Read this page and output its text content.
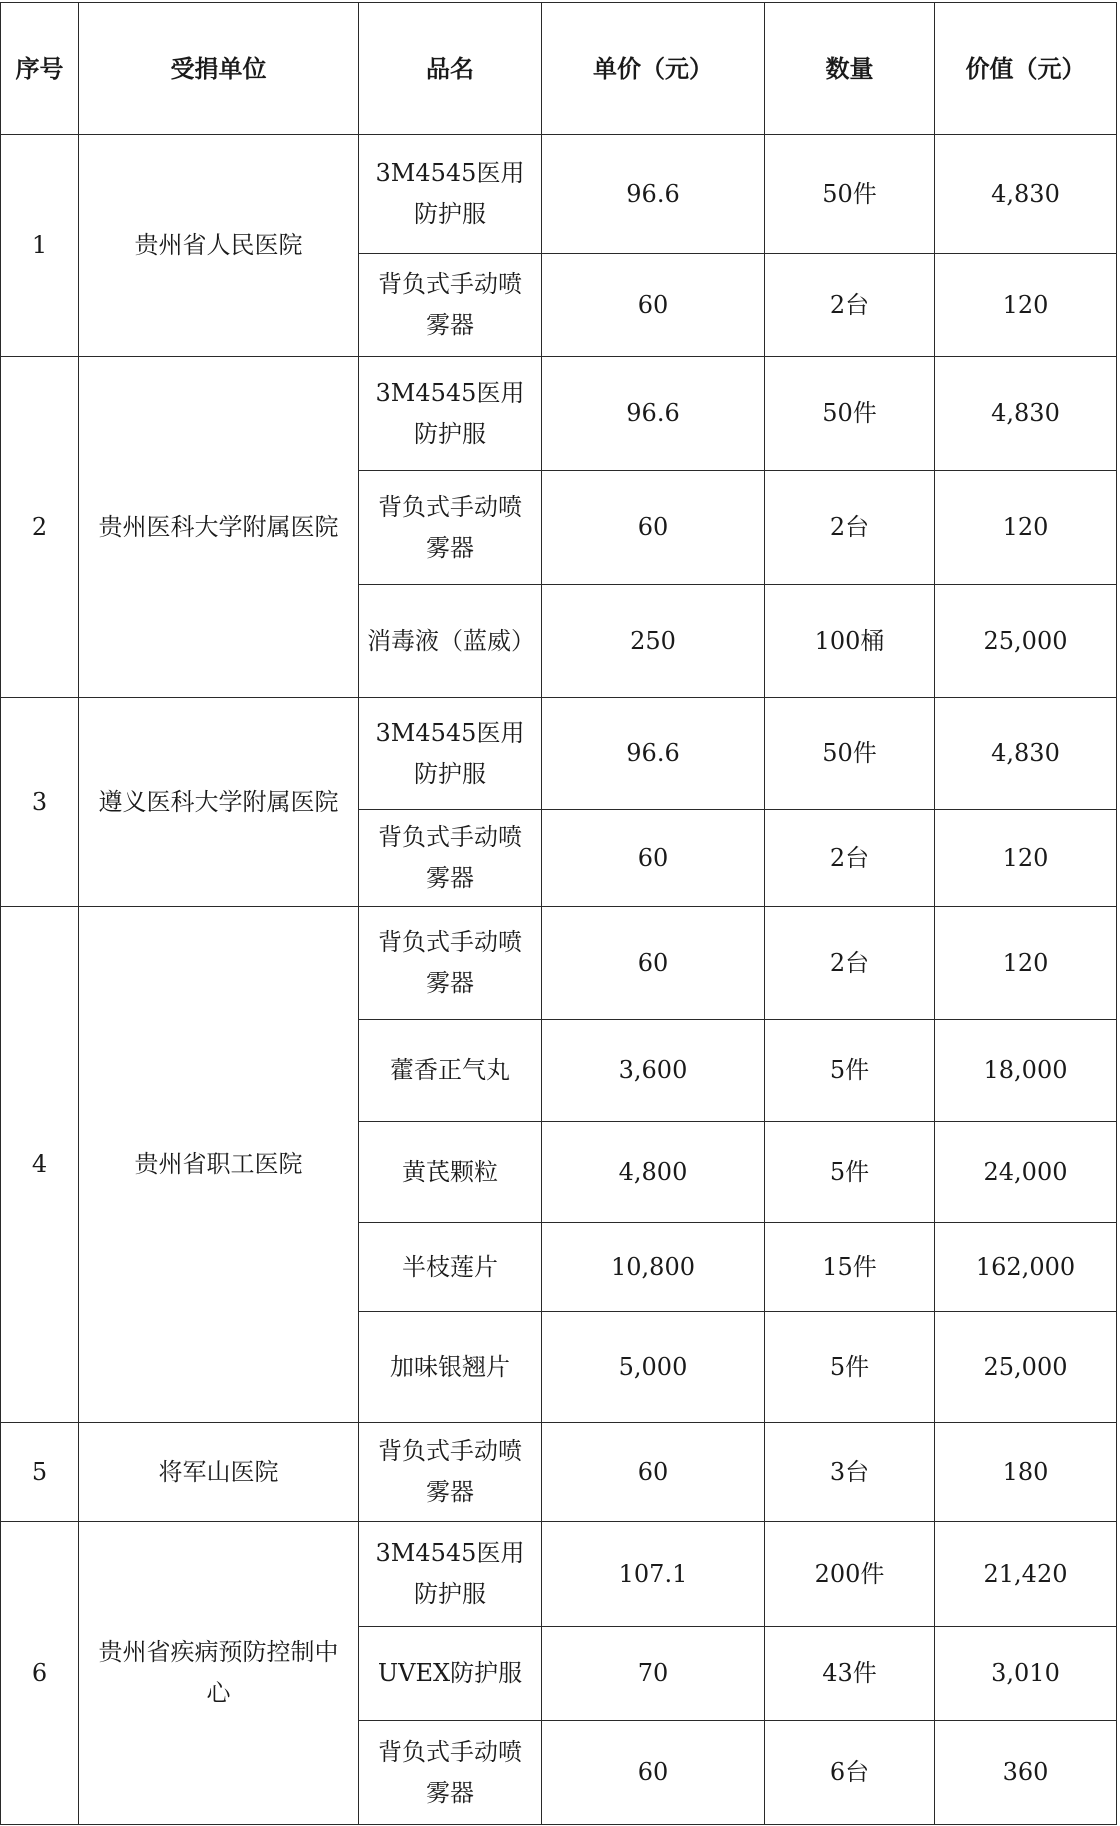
序号	受捐单位	品名	单价（元）	数量	价值（元）
1	贵州省人民医院	3M4545医用防护服	96.6	50件	4,830
		背负式手动喷雾器	60	2台	120
2	贵州医科大学附属医院	3M4545医用防护服	96.6	50件	4,830
		背负式手动喷雾器	60	2台	120
		消毒液（蓝威）	250	100桶	25,000
3	遵义医科大学附属医院	3M4545医用防护服	96.6	50件	4,830
		背负式手动喷雾器	60	2台	120
4	贵州省职工医院	背负式手动喷雾器	60	2台	120
		藿香正气丸	3,600	5件	18,000
		黄芪颗粒	4,800	5件	24,000
		半枝莲片	10,800	15件	162,000
		加味银翘片	5,000	5件	25,000
5	将军山医院	背负式手动喷雾器	60	3台	180
6	贵州省疾病预防控制中心	3M4545医用防护服	107.1	200件	21,420
		UVEX防护服	70	43件	3,010
		背负式手动喷雾器	60	6台	360
